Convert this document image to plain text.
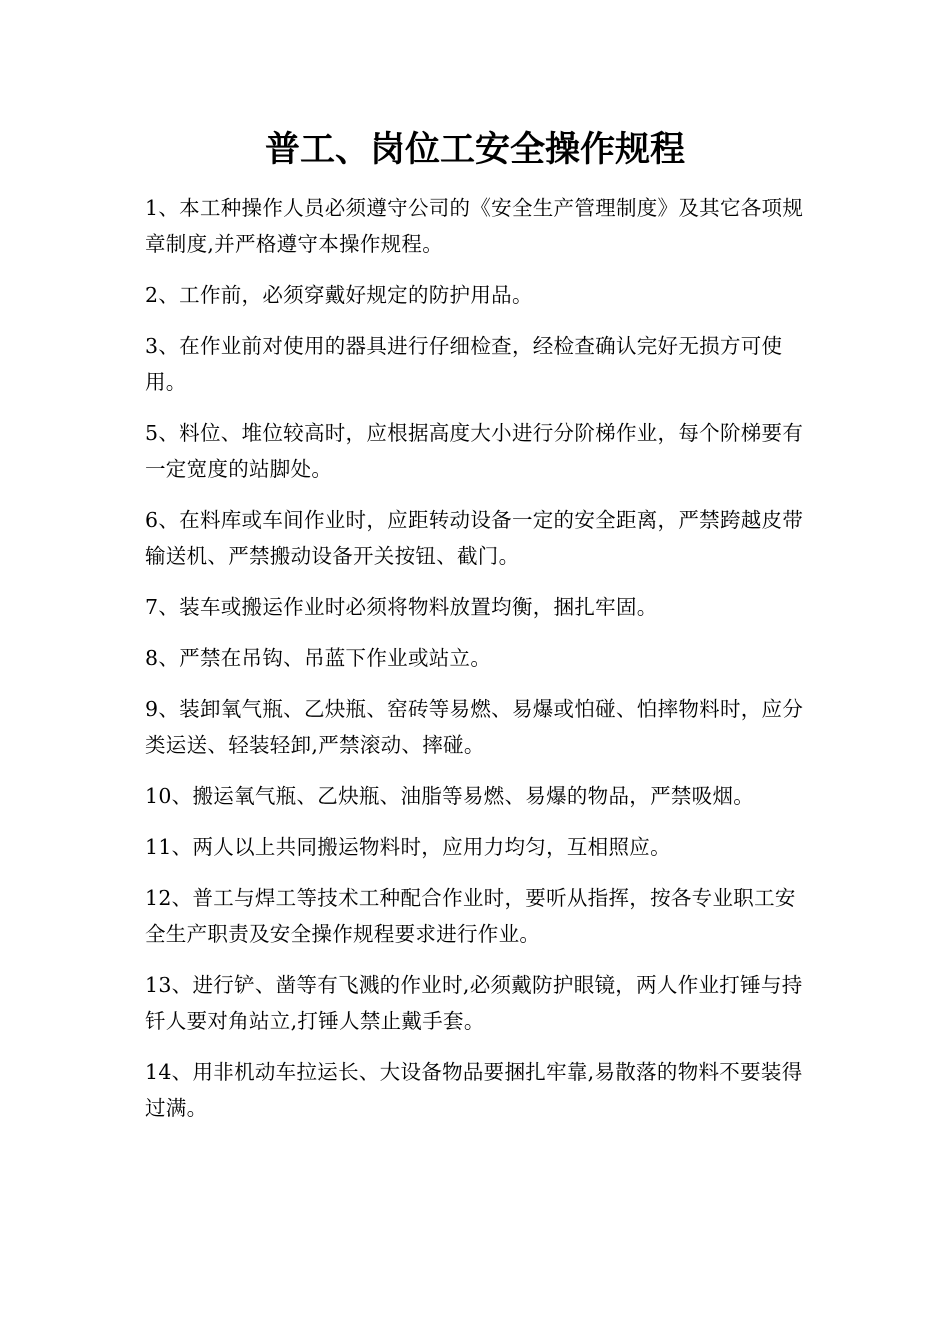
普工、岗位工安全操作规程
1、本工种操作人员必须遵守公司的《安全生产管理制度》及其它各项规章制度,并严格遵守本操作规程。
2、工作前，必须穿戴好规定的防护用品。
3、在作业前对使用的器具进行仔细检查，经检查确认完好无损方可使用。
5、料位、堆位较高时，应根据高度大小进行分阶梯作业，每个阶梯要有一定宽度的站脚处。
6、在料库或车间作业时，应距转动设备一定的安全距离，严禁跨越皮带输送机、严禁搬动设备开关按钮、截门。
7、装车或搬运作业时必须将物料放置均衡，捆扎牢固。
8、严禁在吊钩、吊蓝下作业或站立。
9、装卸氧气瓶、乙炔瓶、窑砖等易燃、易爆或怕碰、怕摔物料时，应分类运送、轻装轻卸,严禁滚动、摔碰。
10、搬运氧气瓶、乙炔瓶、油脂等易燃、易爆的物品，严禁吸烟。
11、两人以上共同搬运物料时，应用力均匀，互相照应。
12、普工与焊工等技术工种配合作业时，要听从指挥，按各专业职工安全生产职责及安全操作规程要求进行作业。
13、进行铲、凿等有飞溅的作业时,必须戴防护眼镜，两人作业打锤与持钎人要对角站立,打锤人禁止戴手套。
14、用非机动车拉运长、大设备物品要捆扎牢靠,易散落的物料不要装得过满。
